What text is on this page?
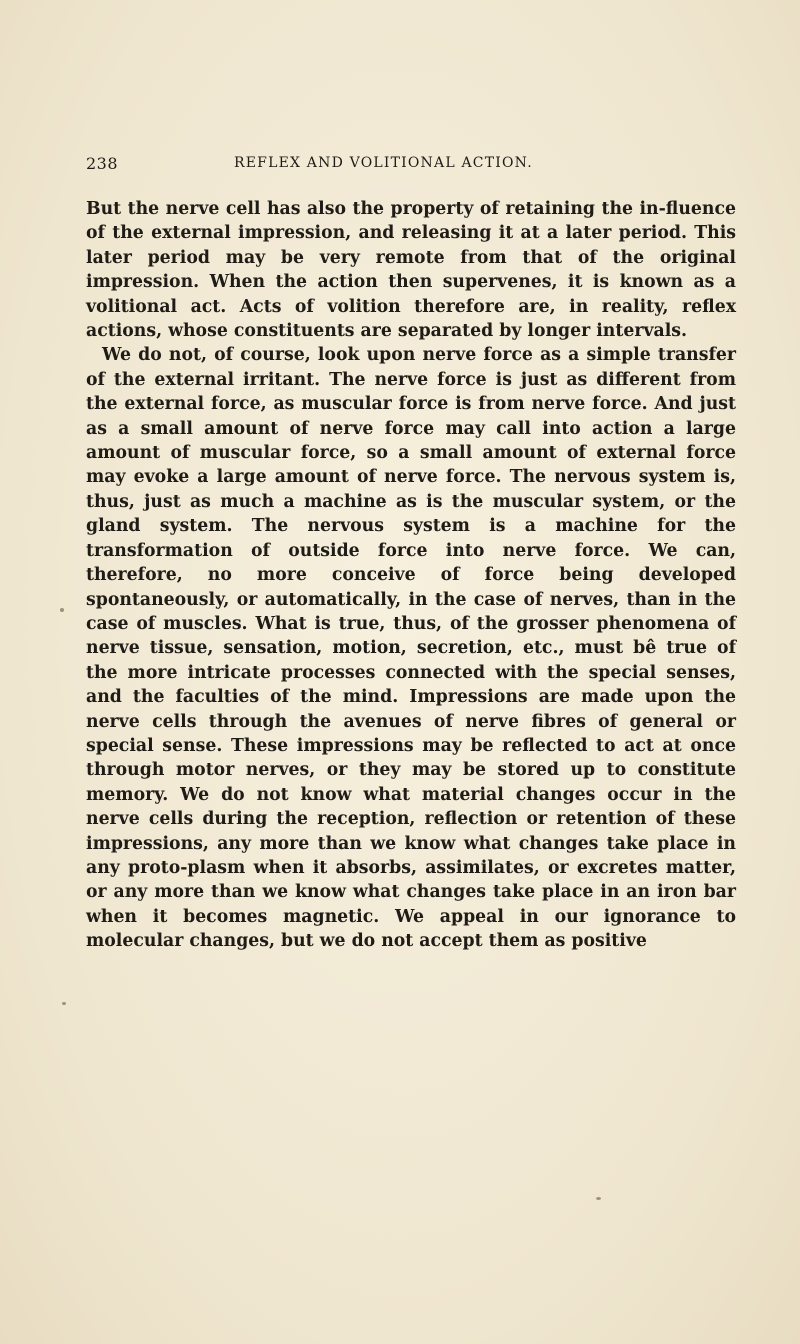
238	REFLEX AND VOLITIONAL ACTION.

But the nerve cell has also the property of retaining the in-fluence of the external impression, and releasing it at a later period. This later period may be very remote from that of the original impression. When the action then supervenes, it is known as a volitional act. Acts of volition therefore are, in reality, reflex actions, whose constituents are separated by longer intervals.

We do not, of course, look upon nerve force as a simple transfer of the external irritant. The nerve force is just as different from the external force, as muscular force is from nerve force. And just as a small amount of nerve force may call into action a large amount of muscular force, so a small amount of external force may evoke a large amount of nerve force. The nervous system is, thus, just as much a machine as is the muscular system, or the gland system. The nervous system is a machine for the transformation of outside force into nerve force. We can, therefore, no more conceive of force being developed spontaneously, or automatically, in the case of nerves, than in the case of muscles. What is true, thus, of the grosser phenomena of nerve tissue, sensation, motion, secretion, etc., must bê true of the more intricate processes connected with the special senses, and the faculties of the mind. Impressions are made upon the nerve cells through the avenues of nerve fibres of general or special sense. These impressions may be reflected to act at once through motor nerves, or they may be stored up to constitute memory. We do not know what material changes occur in the nerve cells during the reception, reflection or retention of these impressions, any more than we know what changes take place in any proto-plasm when it absorbs, assimilates, or excretes matter, or any more than we know what changes take place in an iron bar when it becomes magnetic. We appeal in our ignorance to molecular changes, but we do not accept them as positive
